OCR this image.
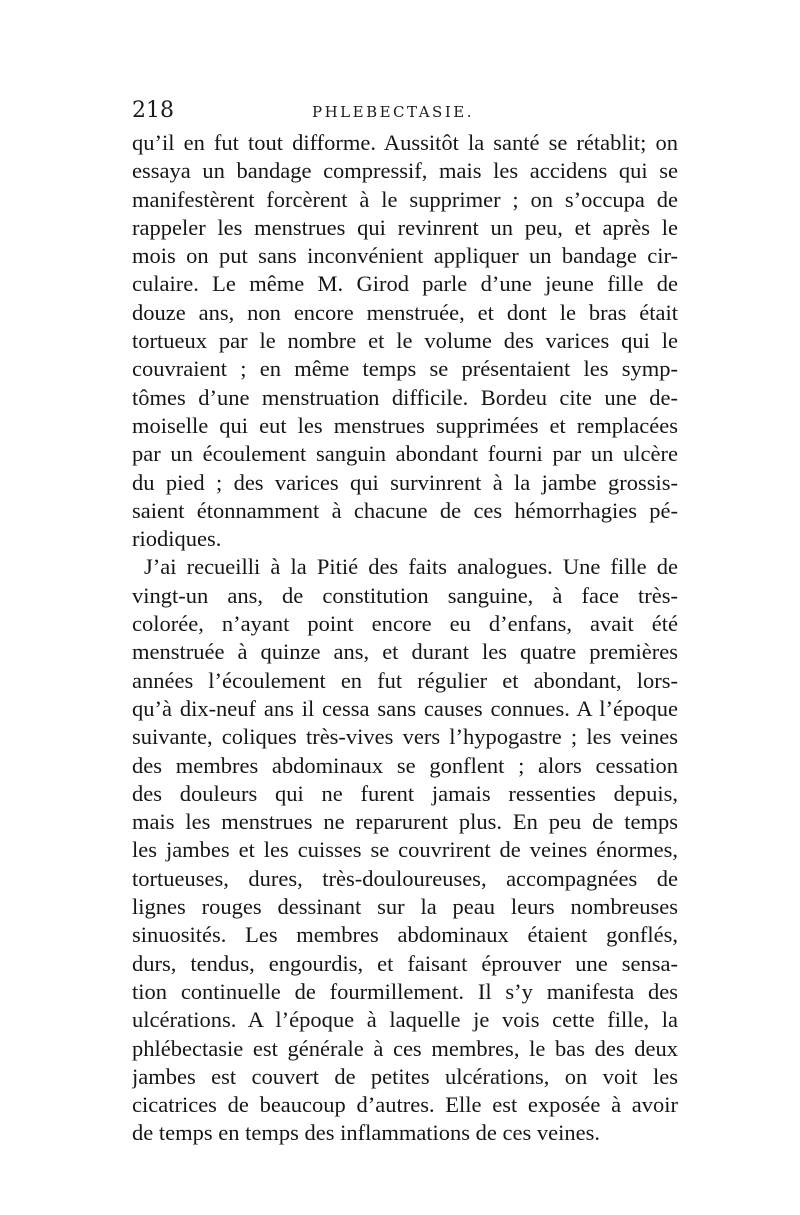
218	PHLEBECTASIE.
qu’il en fut tout difforme. Aussitôt la santé se rétablit; on
essaya un bandage compressif, mais les accidens qui se
manifestèrent forcèrent à le supprimer ; on s’occupa de
rappeler les menstrues qui revinrent un peu, et après le
mois on put sans inconvénient appliquer un bandage cir-
culaire. Le même M. Girod parle d’une jeune fille de
douze ans, non encore menstruée, et dont le bras était
tortueux par le nombre et le volume des varices qui le
couvraient ; en même temps se présentaient les symp-
tômes d’une menstruation difficile. Bordeu cite une de-
moiselle qui eut les menstrues supprimées et remplacées
par un écoulement sanguin abondant fourni par un ulcère
du pied ; des varices qui survinrent à la jambe grossis-
saient étonnamment à chacune de ces hémorrhagies pé-
riodiques.
J’ai recueilli à la Pitié des faits analogues. Une fille de
vingt-un ans, de constitution sanguine, à face très-
colorée, n’ayant point encore eu d’enfans, avait été
menstruée à quinze ans, et durant les quatre premières
années l’écoulement en fut régulier et abondant, lors-
qu’à dix-neuf ans il cessa sans causes connues. A l’époque
suivante, coliques très-vives vers l’hypogastre ; les veines
des membres abdominaux se gonflent ; alors cessation
des douleurs qui ne furent jamais ressenties depuis,
mais les menstrues ne reparurent plus. En peu de temps
les jambes et les cuisses se couvrirent de veines énormes,
tortueuses, dures, très-douloureuses, accompagnées de
lignes rouges dessinant sur la peau leurs nombreuses
sinuosités. Les membres abdominaux étaient gonflés,
durs, tendus, engourdis, et faisant éprouver une sensa-
tion continuelle de fourmillement. Il s’y manifesta des
ulcérations. A l’époque à laquelle je vois cette fille, la
phlébectasie est générale à ces membres, le bas des deux
jambes est couvert de petites ulcérations, on voit les
cicatrices de beaucoup d’autres. Elle est exposée à avoir
de temps en temps des inflammations de ces veines.
